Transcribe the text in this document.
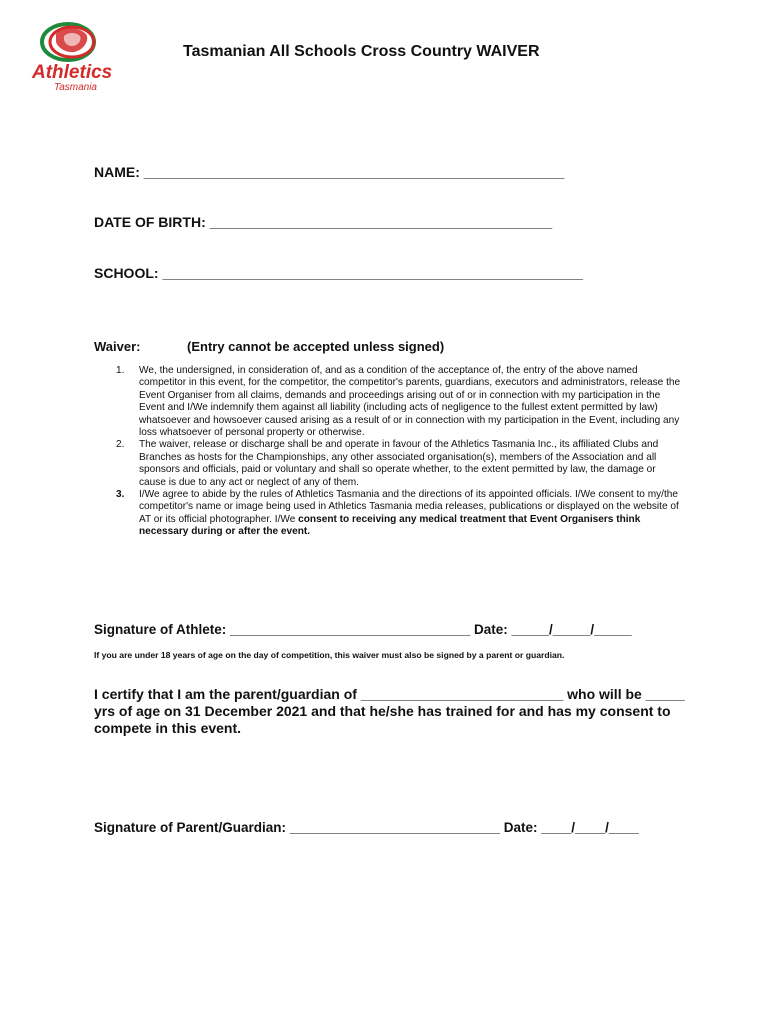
Athletics
Tasmania
Tasmanian All Schools Cross Country WAIVER
NAME: ______________________________________________________
DATE OF BIRTH: ____________________________________________
SCHOOL: ______________________________________________________
Waiver:	(Entry cannot be accepted unless signed)
1. We, the undersigned, in consideration of, and as a condition of the acceptance of, the entry of the above named competitor in this event, for the competitor, the competitor's parents, guardians, executors and administrators, release the Event Organiser from all claims, demands and proceedings arising out of or in connection with my participation in the Event and I/We indemnify them against all liability (including acts of negligence to the fullest extent permitted by law) whatsoever and howsoever caused arising as a result of or in connection with my participation in the Event, including any loss whatsoever of personal property or otherwise.
2. The waiver, release or discharge shall be and operate in favour of the Athletics Tasmania Inc., its affiliated Clubs and Branches as hosts for the Championships, any other associated organisation(s), members of the Association and all sponsors and officials, paid or voluntary and shall so operate whether, to the extent permitted by law, the damage or cause is due to any act or neglect of any of them.
3. I/We agree to abide by the rules of Athletics Tasmania and the directions of its appointed officials. I/We consent to my/the competitor's name or image being used in Athletics Tasmania media releases, publications or displayed on the website of AT or its official photographer. I/We consent to receiving any medical treatment that Event Organisers think necessary during or after the event.
Signature of Athlete: ________________________________ Date: _____/_____/_____
If you are under 18 years of age on the day of competition, this waiver must also be signed by a parent or guardian.
I certify that I am the parent/guardian of __________________________ who will be _____ yrs of age on 31 December 2021 and that he/she has trained for and has my consent to compete in this event.
Signature of Parent/Guardian: ____________________________ Date: ____/____/____
